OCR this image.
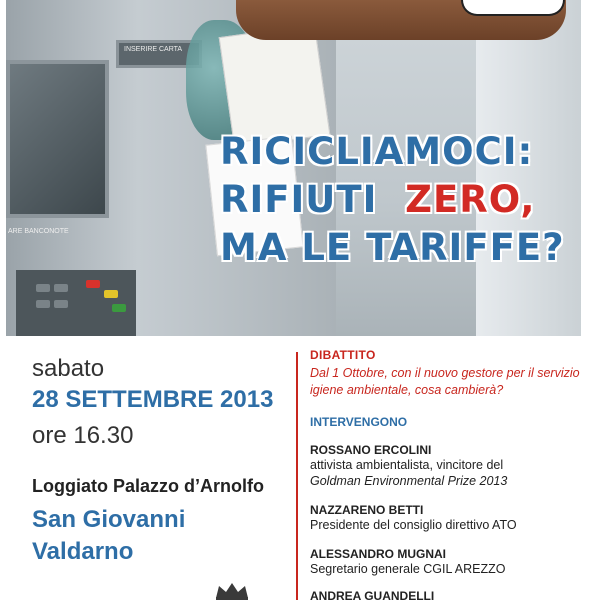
INSERIRE CARTA
ARE BANCONOTE
RICICLIAMOCI:
RIFIUTI ZERO,
MA LE TARIFFE?
sabato
28 SETTEMBRE 2013
ore 16.30
Loggiato Palazzo d’Arnolfo
San Giovanni
Valdarno
DIBATTITO
Dal 1 Ottobre, con il nuovo gestore per il servizio igiene ambientale, cosa cambierà?
INTERVENGONO
ROSSANO ERCOLINI
attivista ambientalista, vincitore del
Goldman Environmental Prize 2013
NAZZARENO BETTI
Presidente del consiglio direttivo ATO
ALESSANDRO MUGNAI
Segretario generale CGIL AREZZO
ANDREA GUANDELLI
